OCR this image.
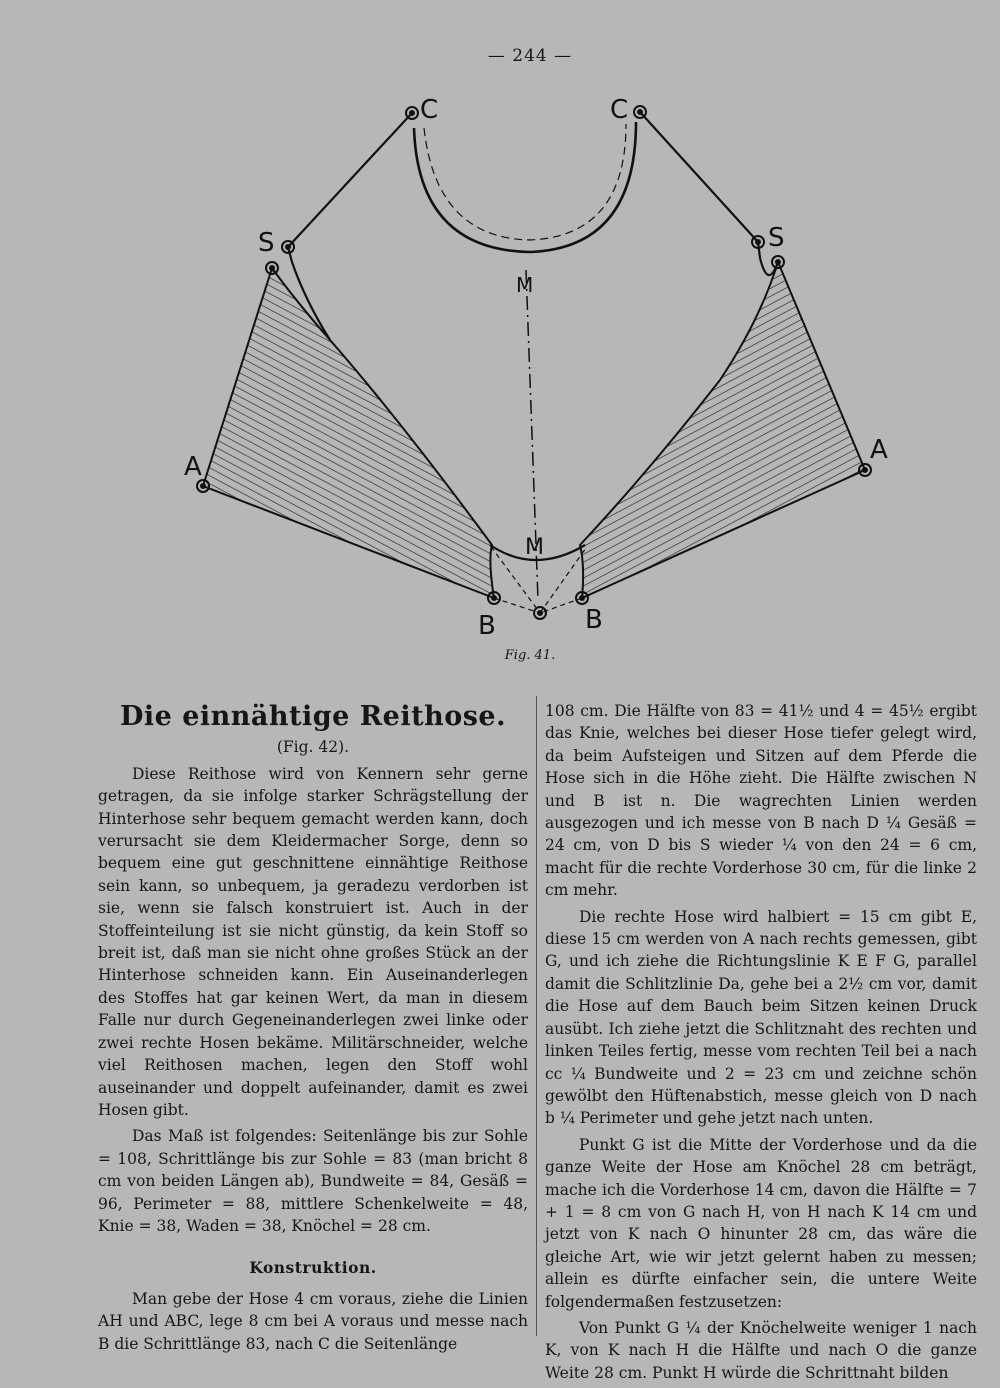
— 244 —
C	C
S	S
A
A
M
M
B	B
Fig. 41.
Die einnähtige Reithose.
(Fig. 42).

Diese Reithose wird von Kennern sehr gerne getragen, da sie infolge starker Schrägstellung der Hinterhose sehr bequem gemacht werden kann, doch verursacht sie dem Kleidermacher Sorge, denn so bequem eine gut geschnittene einnähtige Reithose sein kann, so unbequem, ja geradezu verdorben ist sie, wenn sie falsch konstruiert ist. Auch in der Stoffeinteilung ist sie nicht günstig, da kein Stoff so breit ist, daß man sie nicht ohne großes Stück an der Hinterhose schneiden kann. Ein Auseinanderlegen des Stoffes hat gar keinen Wert, da man in diesem Falle nur durch Gegeneinanderlegen zwei linke oder zwei rechte Hosen bekäme. Militärschneider, welche viel Reithosen machen, legen den Stoff wohl auseinander und doppelt aufeinander, damit es zwei Hosen gibt.

Das Maß ist folgendes: Seitenlänge bis zur Sohle = 108, Schrittlänge bis zur Sohle = 83 (man bricht 8 cm von beiden Längen ab), Bundweite = 84, Gesäß = 96, Perimeter = 88, mittlere Schenkelweite = 48, Knie = 38, Waden = 38, Knöchel = 28 cm.

Konstruktion.

Man gebe der Hose 4 cm voraus, ziehe die Linien AH und ABC, lege 8 cm bei A voraus und messe nach B die Schrittlänge 83, nach C die Seitenlänge

108 cm. Die Hälfte von 83 = 41½ und 4 = 45½ ergibt das Knie, welches bei dieser Hose tiefer gelegt wird, da beim Aufsteigen und Sitzen auf dem Pferde die Hose sich in die Höhe zieht. Die Hälfte zwischen N und B ist n. Die wagrechten Linien werden ausgezogen und ich messe von B nach D ¼ Gesäß = 24 cm, von D bis S wieder ¼ von den 24 = 6 cm, macht für die rechte Vorderhose 30 cm, für die linke 2 cm mehr.

Die rechte Hose wird halbiert = 15 cm gibt E, diese 15 cm werden von A nach rechts gemessen, gibt G, und ich ziehe die Richtungslinie K E F G, parallel damit die Schlitzlinie Da, gehe bei a 2½ cm vor, damit die Hose auf dem Bauch beim Sitzen keinen Druck ausübt. Ich ziehe jetzt die Schlitznaht des rechten und linken Teiles fertig, messe vom rechten Teil bei a nach cc ¼ Bundweite und 2 = 23 cm und zeichne schön gewölbt den Hüftenabstich, messe gleich von D nach b ¼ Perimeter und gehe jetzt nach unten.

Punkt G ist die Mitte der Vorderhose und da die ganze Weite der Hose am Knöchel 28 cm beträgt, mache ich die Vorderhose 14 cm, davon die Hälfte = 7 + 1 = 8 cm von G nach H, von H nach K 14 cm und jetzt von K nach O hinunter 28 cm, das wäre die gleiche Art, wie wir jetzt gelernt haben zu messen; allein es dürfte einfacher sein, die untere Weite folgendermaßen festzusetzen:

Von Punkt G ¼ der Knöchelweite weniger 1 nach K, von K nach H die Hälfte und nach O die ganze Weite 28 cm. Punkt H würde die Schrittnaht bilden
